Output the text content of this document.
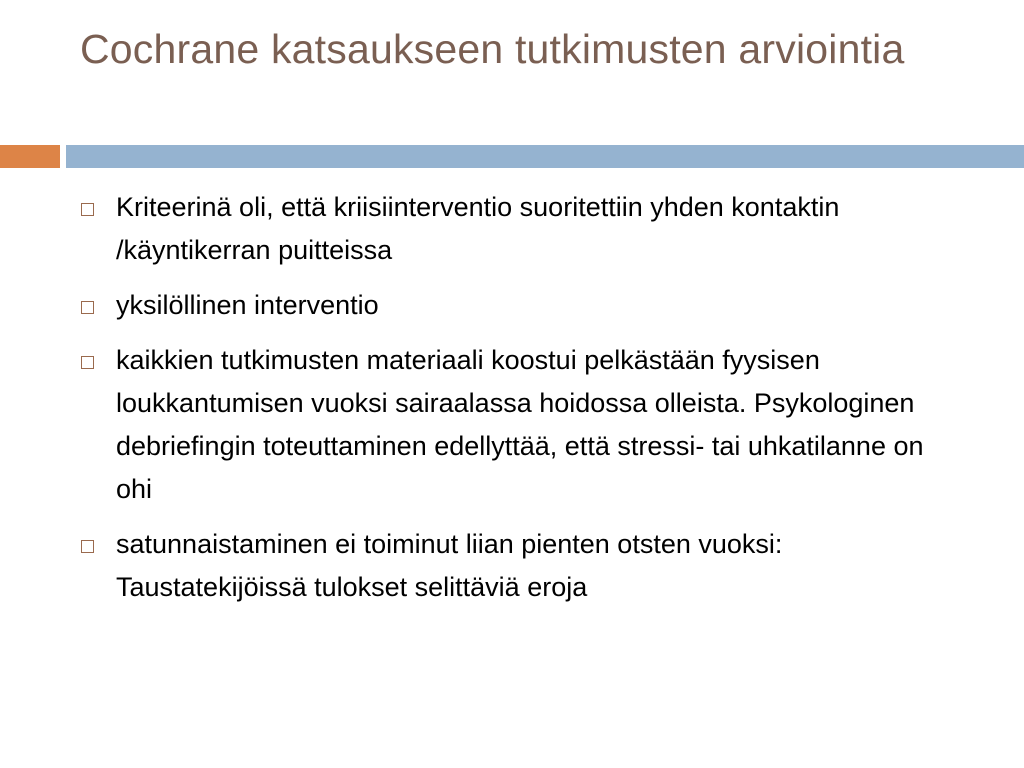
Cochrane katsaukseen tutkimusten arviointia
Kriteerinä oli, että kriisiinterventio suoritettiin yhden kontaktin /käyntikerran puitteissa
yksilöllinen interventio
kaikkien tutkimusten materiaali koostui pelkästään fyysisen loukkantumisen vuoksi sairaalassa hoidossa olleista. Psykologinen debriefingin toteuttaminen edellyttää, että stressi- tai uhkatilanne on ohi
satunnaistaminen ei toiminut liian pienten otsten vuoksi: Taustatekijöissä tulokset selittäviä eroja
